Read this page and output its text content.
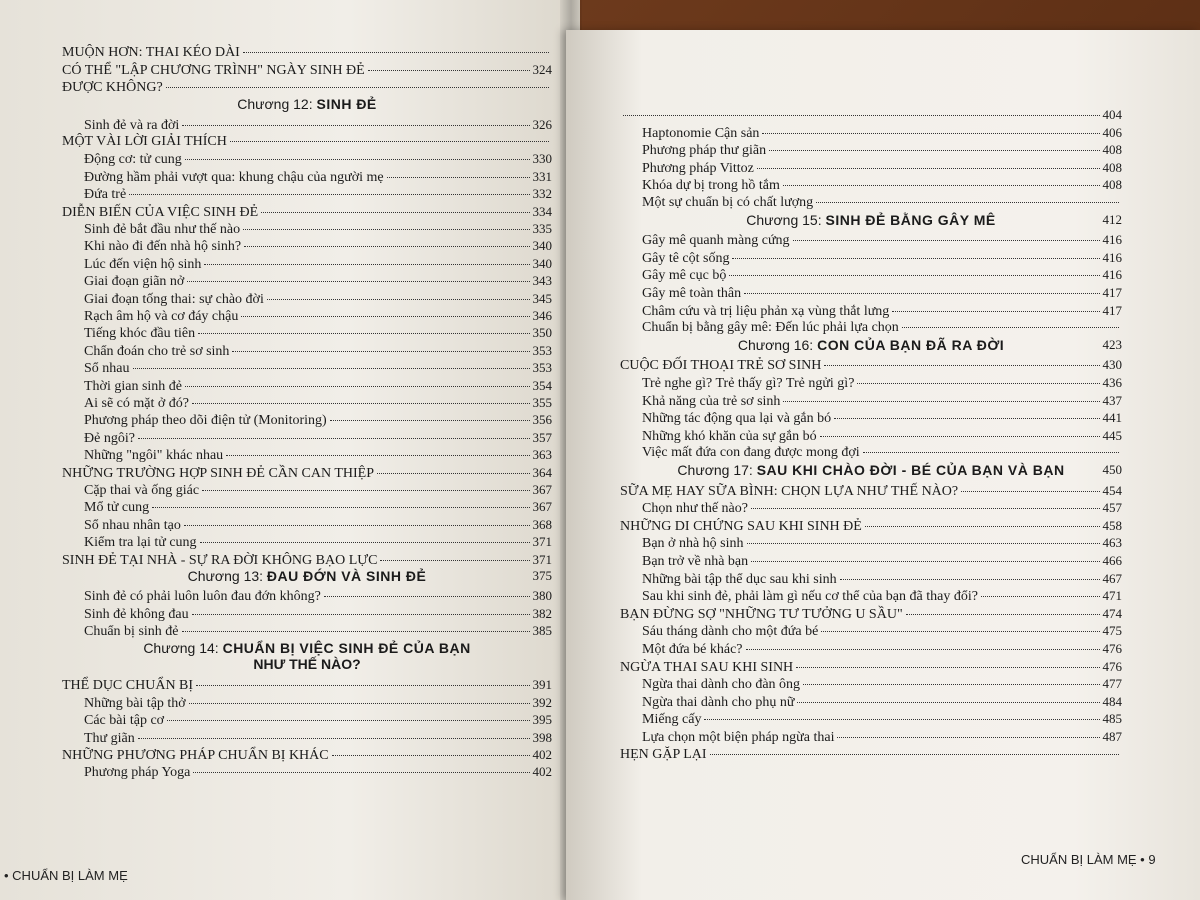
MUỘN HƠN: THAI KÉO DÀI
CÓ THỂ "LẬP CHƯƠNG TRÌNH" NGÀY SINH ĐẺ	324
ĐƯỢC KHÔNG?
Chương 12: SINH ĐẺ
Sinh đẻ và ra đời	326
MỘT VÀI LỜI GIẢI THÍCH
Động cơ: tử cung	330
Đường hầm phải vượt qua: khung chậu của người mẹ	331
Đứa trẻ	332
DIỄN BIẾN CỦA VIỆC SINH ĐẺ	334
Sinh đẻ bắt đầu như thế nào	335
Khi nào đi đến nhà hộ sinh?	340
Lúc đến viện hộ sinh	340
Giai đoạn giãn nở	343
Giai đoạn tống thai: sự chào đời	345
Rạch âm hộ và cơ đáy chậu	346
Tiếng khóc đầu tiên	350
Chẩn đoán cho trẻ sơ sinh	353
Sổ nhau	353
Thời gian sinh đẻ	354
Ai sẽ có mặt ở đó?	355
Phương pháp theo dõi điện tử (Monitoring)	356
Đẻ ngôi?	357
Những "ngôi" khác nhau	363
NHỮNG TRƯỜNG HỢP SINH ĐẺ CẦN CAN THIỆP	364
Cặp thai và ống giác	367
Mổ tử cung	367
Sổ nhau nhân tạo	368
Kiểm tra lại tử cung	371
SINH ĐẺ TẠI NHÀ - SỰ RA ĐỜI KHÔNG BẠO LỰC	371
Chương 13: ĐAU ĐỚN VÀ SINH ĐẺ	375
Sinh đẻ có phải luôn luôn đau đớn không?	380
Sinh đẻ không đau	382
Chuẩn bị sinh đẻ	385
Chương 14: CHUẨN BỊ VIỆC SINH ĐẺ CỦA BẠN
NHƯ THẾ NÀO?
THỂ DỤC CHUẨN BỊ	391
Những bài tập thở	392
Các bài tập cơ	395
Thư giãn	398
NHỮNG PHƯƠNG PHÁP CHUẨN BỊ KHÁC	402
Phương pháp Yoga	402
• CHUẨN BỊ LÀM MẸ
404
Haptonomie Cận sản	406
Phương pháp thư giãn	408
Phương pháp Vittoz	408
Khóa dự bị trong hồ tắm	408
Một sự chuẩn bị có chất lượng
Chương 15: SINH ĐẺ BẰNG GÂY MÊ	412
Gây mê quanh màng cứng	416
Gây tê cột sống	416
Gây mê cục bộ	416
Gây mê toàn thân	417
Châm cứu và trị liệu phản xạ vùng thắt lưng	417
Chuẩn bị bằng gây mê: Đến lúc phải lựa chọn
Chương 16: CON CỦA BẠN ĐÃ RA ĐỜI	423
CUỘC ĐỐI THOẠI TRẺ SƠ SINH	430
Trẻ nghe gì? Trẻ thấy gì? Trẻ ngửi gì?	436
Khả năng của trẻ sơ sinh	437
Những tác động qua lại và gắn bó	441
Những khó khăn của sự gắn bó	445
Việc mất đứa con đang được mong đợi
Chương 17: SAU KHI CHÀO ĐỜI - BÉ CỦA BẠN VÀ BẠN	450
SỮA MẸ HAY SỮA BÌNH: CHỌN LỰA NHƯ THẾ NÀO?	454
Chọn như thế nào?	457
NHỮNG DI CHỨNG SAU KHI SINH ĐẺ	458
Bạn ở nhà hộ sinh	463
Bạn trở về nhà bạn	466
Những bài tập thể dục sau khi sinh	467
Sau khi sinh đẻ, phải làm gì nếu cơ thể của bạn đã thay đổi?	471
BẠN ĐỪNG SỢ "NHỮNG TƯ TƯỞNG U SẦU"	474
Sáu tháng dành cho một đứa bé	475
Một đứa bé khác?	476
NGỪA THAI SAU KHI SINH	476
Ngừa thai dành cho đàn ông	477
Ngừa thai dành cho phụ nữ	484
Miếng cấy	485
Lựa chọn một biện pháp ngừa thai	487
HẸN GẶP LẠI
CHUẨN BỊ LÀM MẸ • 9
